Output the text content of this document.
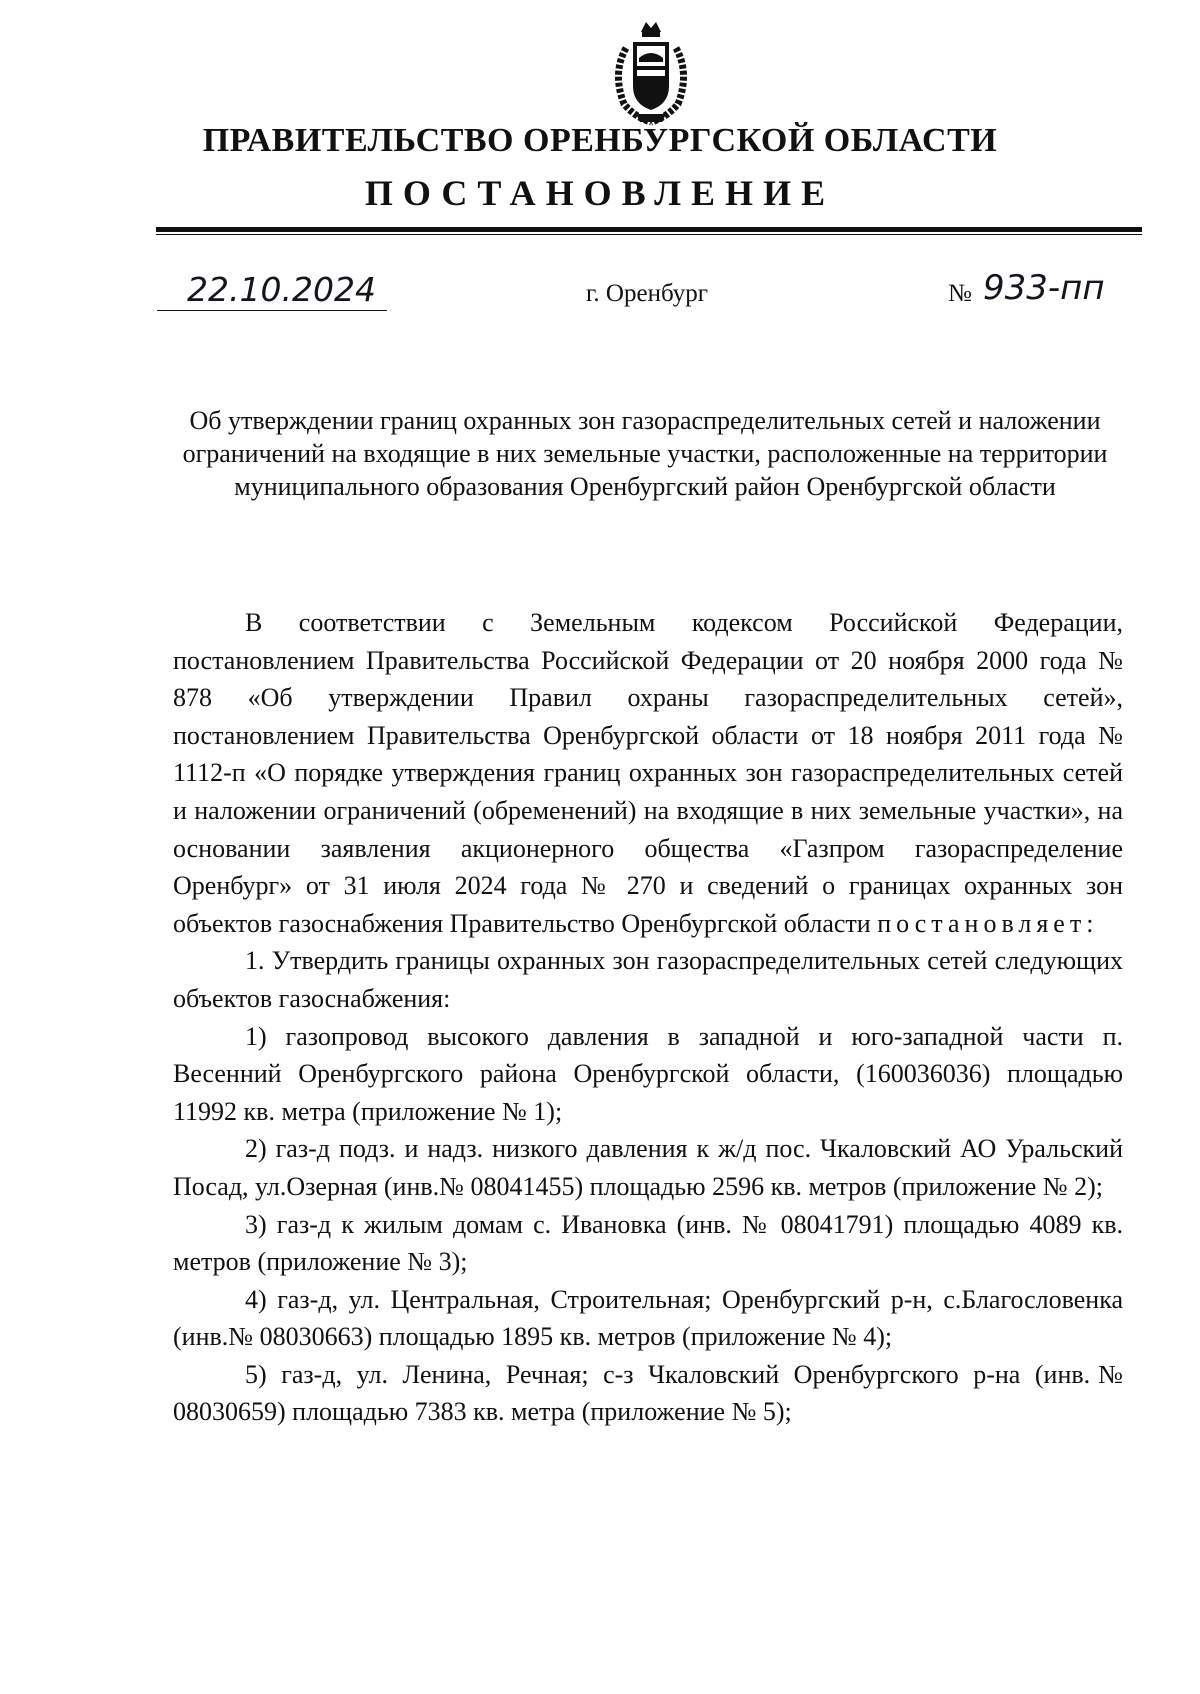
ПРАВИТЕЛЬСТВО ОРЕНБУРГСКОЙ ОБЛАСТИ
ПОСТАНОВЛЕНИЕ
22.10.2024	г. Оренбург	№ 933-пп
Об утверждении границ охранных зон газораспределительных сетей и наложении ограничений на входящие в них земельные участки, расположенные на территории муниципального образования Оренбургский район Оренбургской области

В соответствии с Земельным кодексом Российской Федерации, постановлением Правительства Российской Федерации от 20 ноября 2000 года № 878 «Об утверждении Правил охраны газораспределительных сетей», постановлением Правительства Оренбургской области от 18 ноября 2011 года № 1112-п «О порядке утверждения границ охранных зон газораспределительных сетей и наложении ограничений (обременений) на входящие в них земельные участки», на основании заявления акционерного общества «Газпром газораспределение Оренбург» от 31 июля 2024 года № 270 и сведений о границах охранных зон объектов газоснабжения Правительство Оренбургской области постановляет:

1. Утвердить границы охранных зон газораспределительных сетей следующих объектов газоснабжения:

1) газопровод высокого давления в западной и юго-западной части п. Весенний Оренбургского района Оренбургской области, (160036036) площадью 11992 кв. метра (приложение № 1);

2) газ-д подз. и надз. низкого давления к ж/д пос. Чкаловский АО Уральский Посад, ул.Озерная (инв.№ 08041455) площадью 2596 кв. метров (приложение № 2);

3) газ-д к жилым домам с. Ивановка (инв. № 08041791) площадью 4089 кв. метров (приложение № 3);

4) газ-д, ул. Центральная, Строительная; Оренбургский р-н, с.Благословенка (инв.№ 08030663) площадью 1895 кв. метров (приложение № 4);

5) газ-д, ул. Ленина, Речная; с-з Чкаловский Оренбургского р-на (инв.№ 08030659) площадью 7383 кв. метра (приложение № 5);
